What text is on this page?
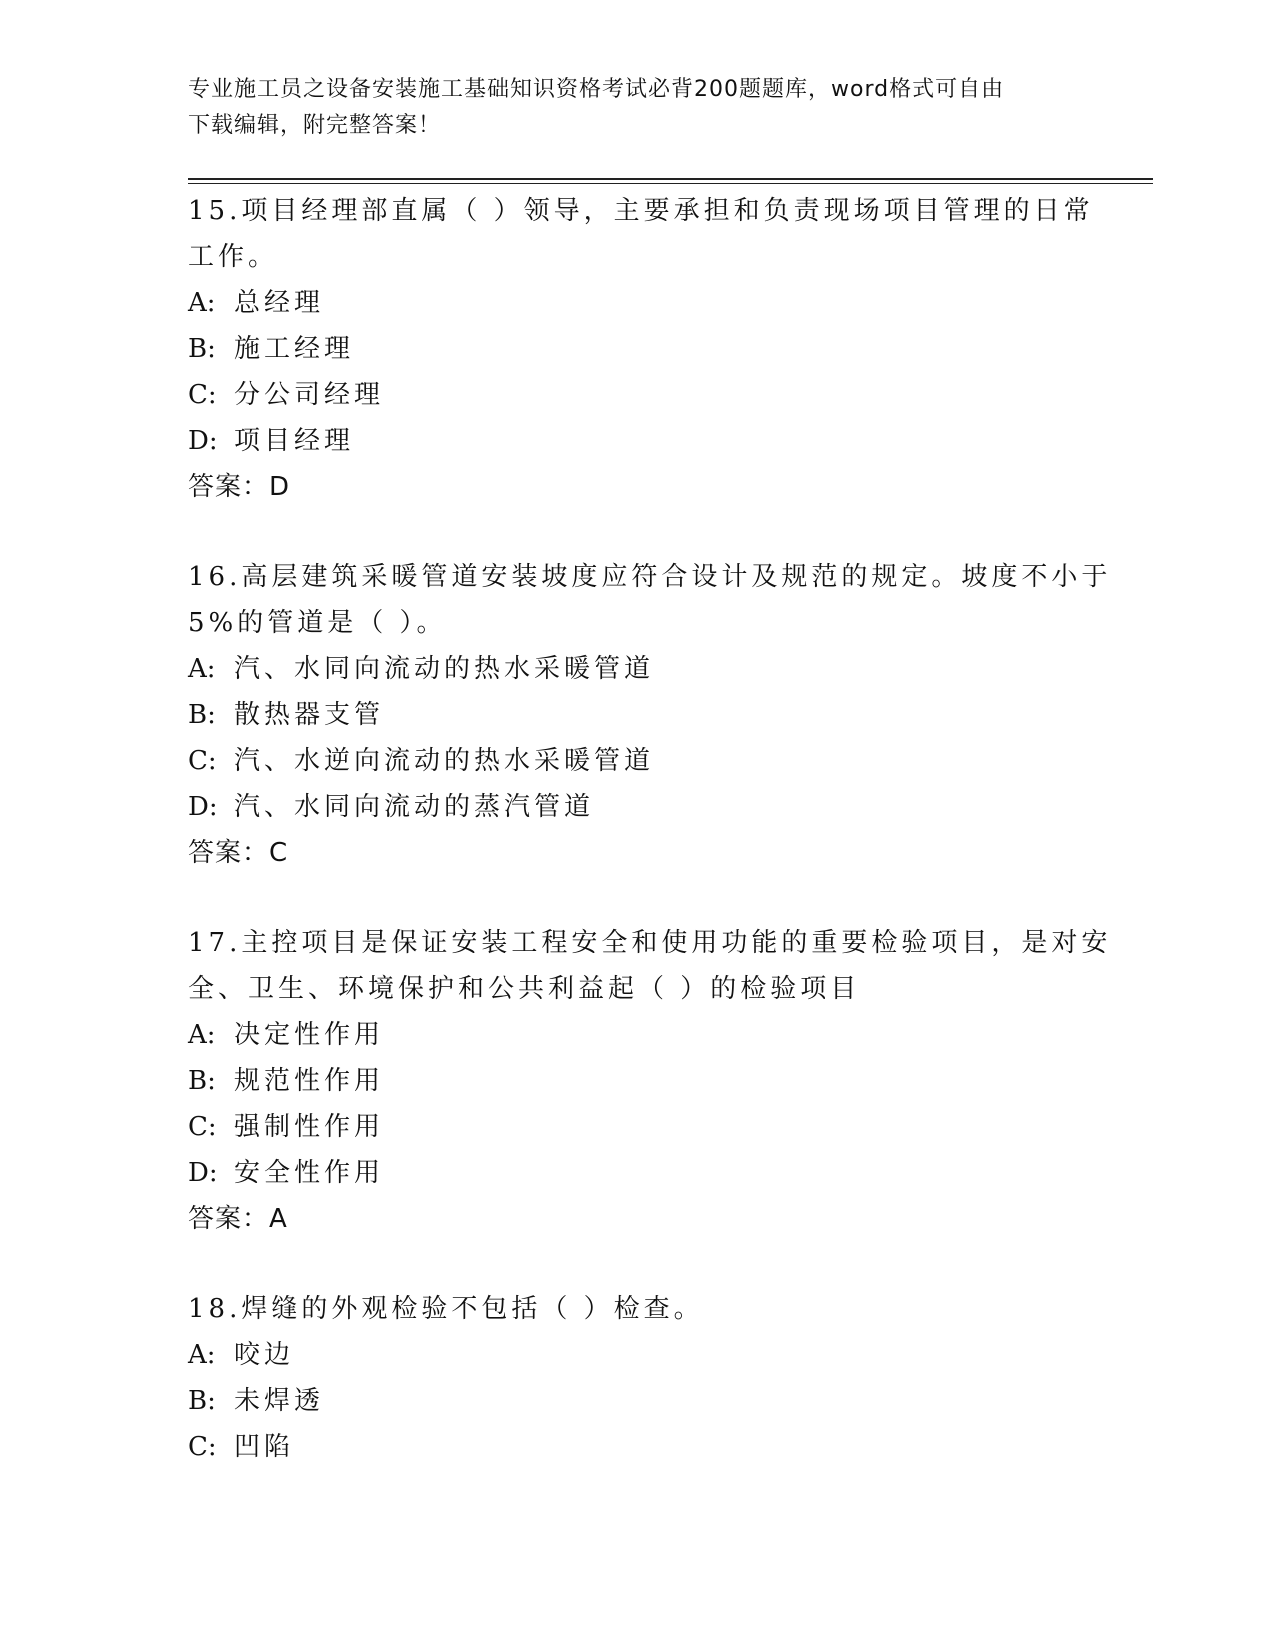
专业施工员之设备安装施工基础知识资格考试必背200题题库，word格式可自由
下载编辑，附完整答案！
15.项目经理部直属（ ）领导，主要承担和负责现场项目管理的日常
工作。
A: 总经理
B: 施工经理
C: 分公司经理
D: 项目经理
答案：D
16.高层建筑采暖管道安装坡度应符合设计及规范的规定。坡度不小于
5%的管道是（ ）。
A: 汽、水同向流动的热水采暖管道
B: 散热器支管
C: 汽、水逆向流动的热水采暖管道
D: 汽、水同向流动的蒸汽管道
答案：C
17.主控项目是保证安装工程安全和使用功能的重要检验项目，是对安
全、卫生、环境保护和公共利益起（ ）的检验项目
A: 决定性作用
B: 规范性作用
C: 强制性作用
D: 安全性作用
答案：A
18.焊缝的外观检验不包括（ ）检查。
A: 咬边
B: 未焊透
C: 凹陷
